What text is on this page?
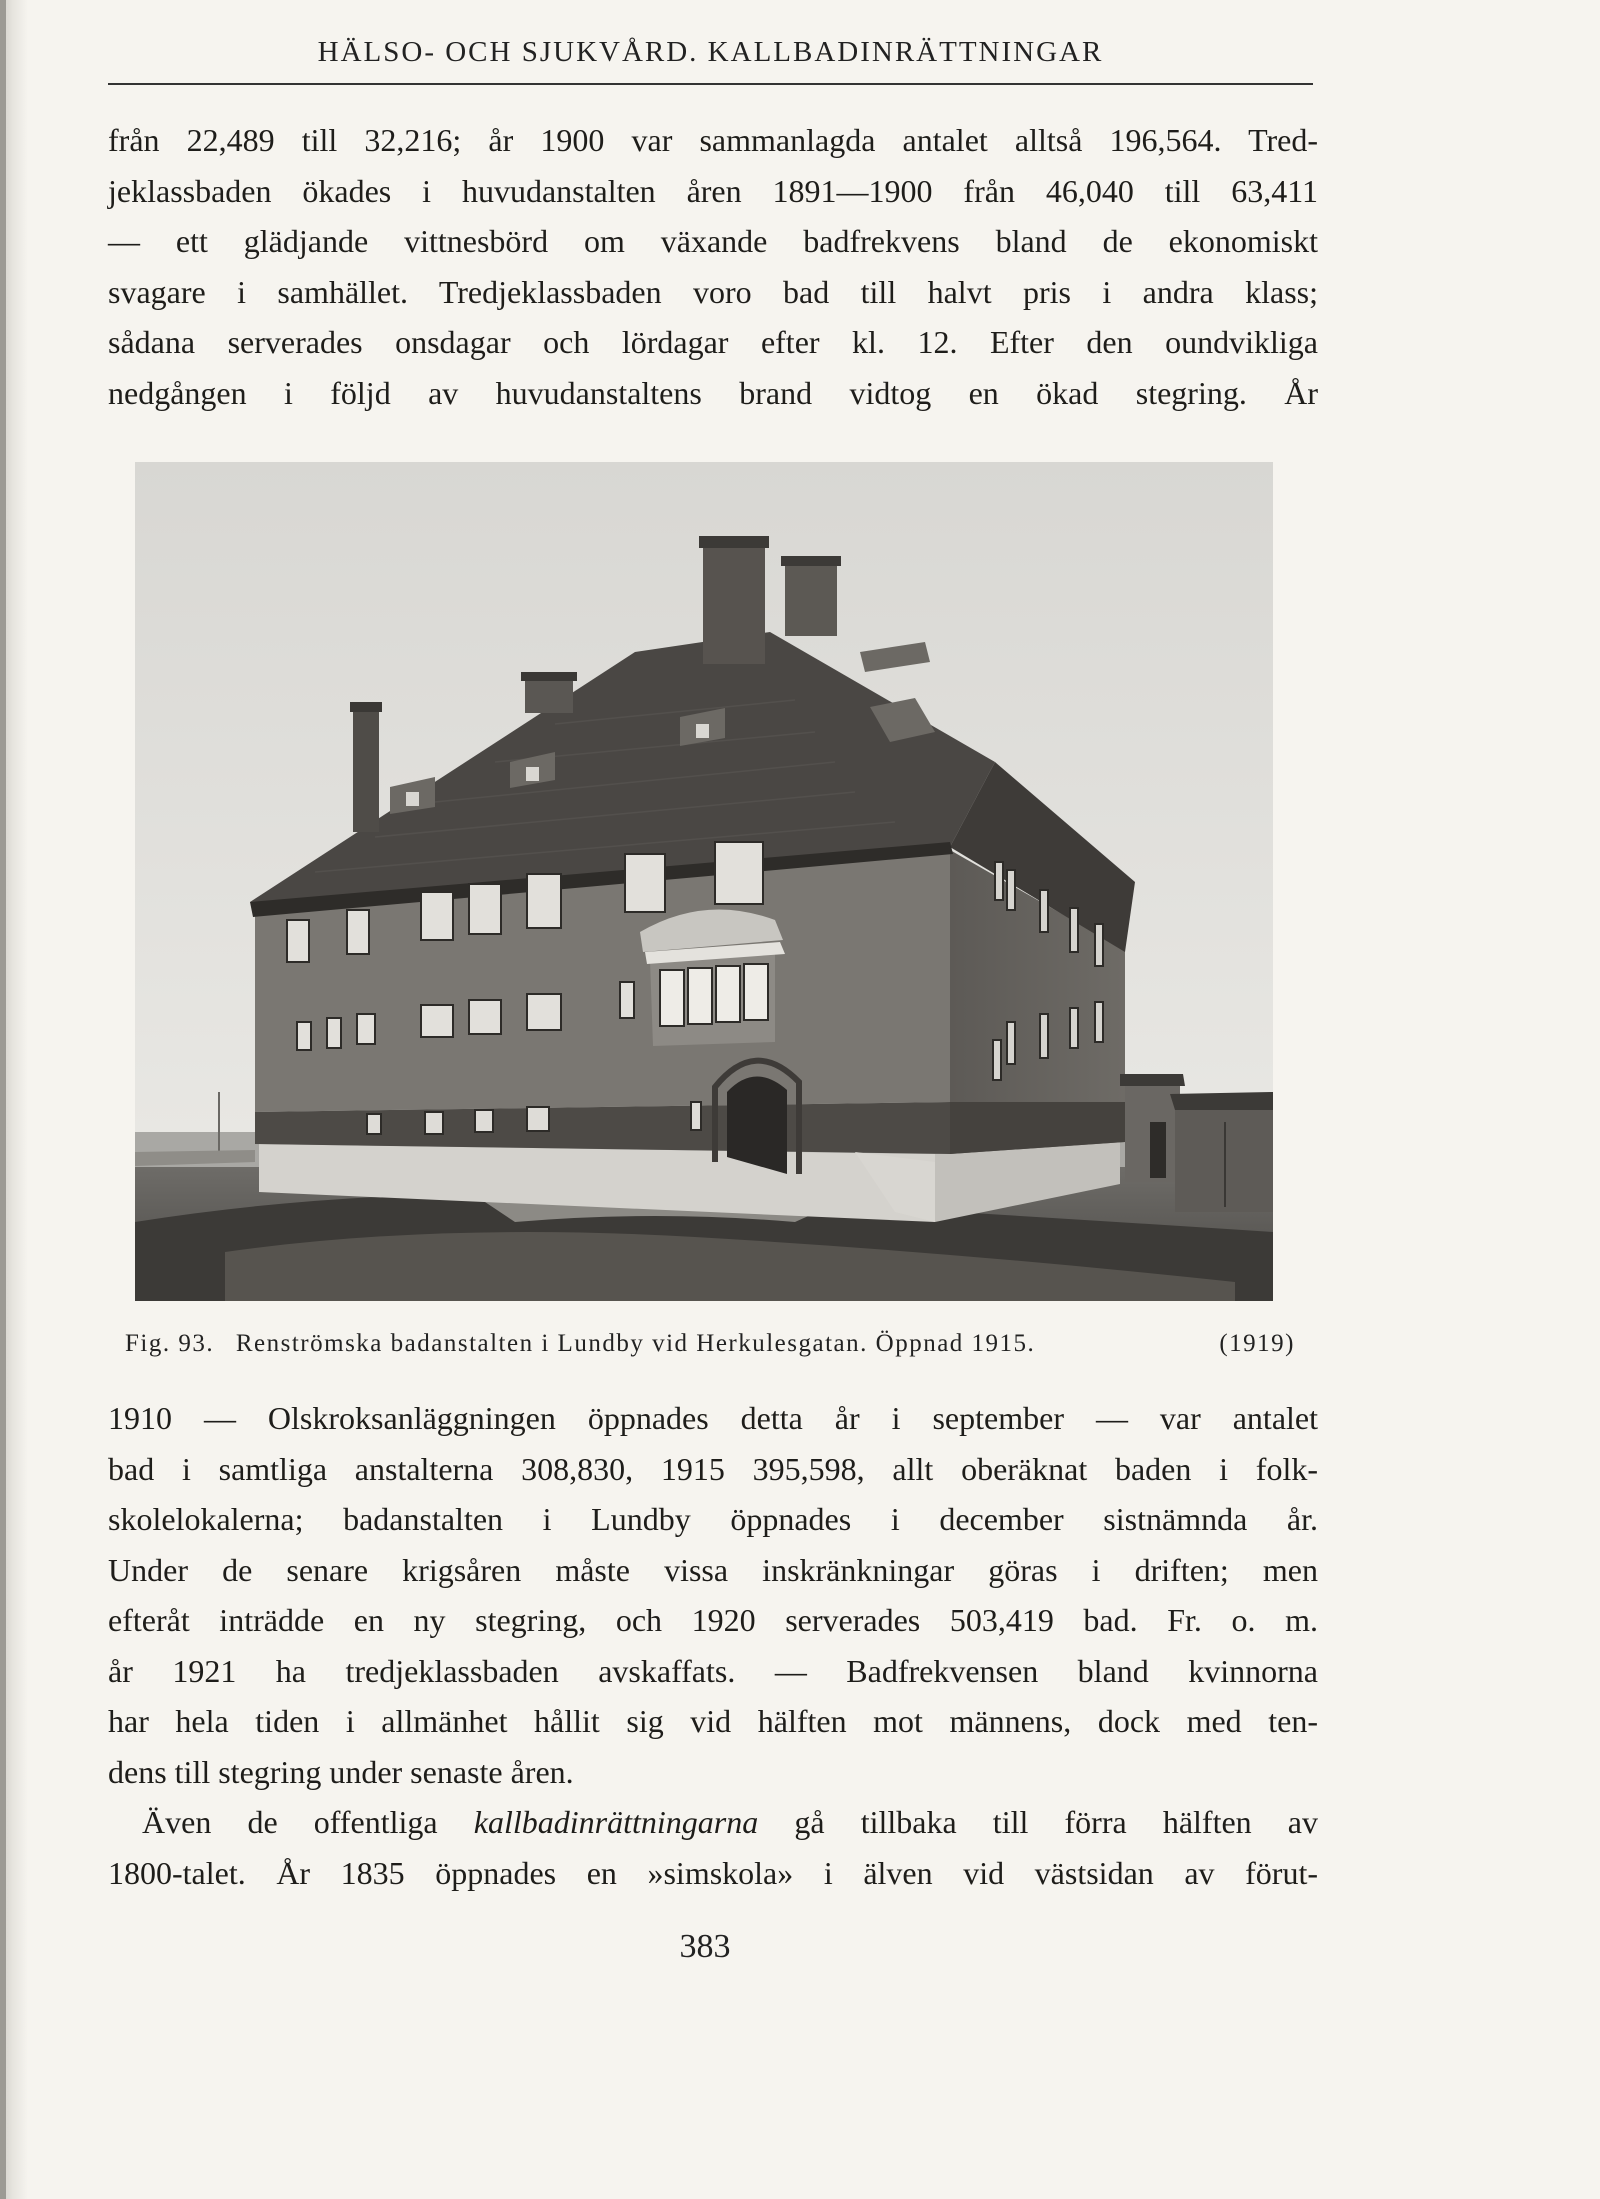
HÄLSO- OCH SJUKVÅRD. KALLBADINRÄTTNINGAR

från 22,489 till 32,216; år 1900 var sammanlagda antalet alltså 196,564. Tred-
jeklassbaden ökades i huvudanstalten åren 1891—1900 från 46,040 till 63,411
— ett glädjande vittnesbörd om växande badfrekvens bland de ekonomiskt
svagare i samhället. Tredjeklassbaden voro bad till halvt pris i andra klass;
sådana serverades onsdagar och lördagar efter kl. 12. Efter den oundvikliga
nedgången i följd av huvudanstaltens brand vidtog en ökad stegring. År

Fig. 93. Renströmska badanstalten i Lundby vid Herkulesgatan. Öppnad 1915.	(1919)

1910 — Olskroksanläggningen öppnades detta år i september — var antalet
bad i samtliga anstalterna 308,830, 1915 395,598, allt oberäknat baden i folk-
skolelokalerna; badanstalten i Lundby öppnades i december sistnämnda år.
Under de senare krigsåren måste vissa inskränkningar göras i driften; men
efteråt inträdde en ny stegring, och 1920 serverades 503,419 bad. Fr. o. m.
år 1921 ha tredjeklassbaden avskaffats. — Badfrekvensen bland kvinnorna
har hela tiden i allmänhet hållit sig vid hälften mot männens, dock med ten-
dens till stegring under senaste åren.
Även de offentliga kallbadinrättningarna gå tillbaka till förra hälften av
1800-talet. År 1835 öppnades en »simskola» i älven vid västsidan av förut-

383
